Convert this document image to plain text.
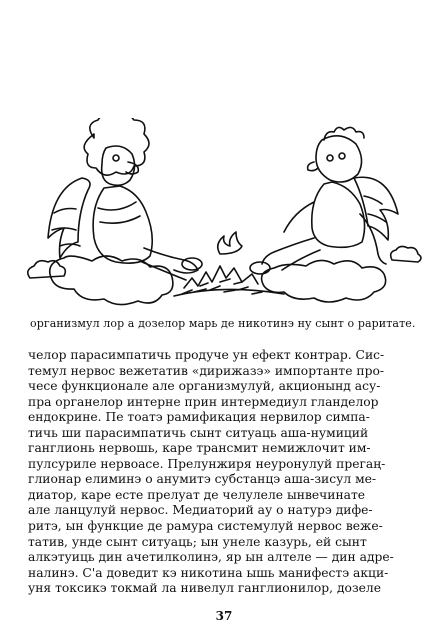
организмул лор а дозелор марь де никотинэ ну сынт о раритате.
челор парасимпатичь продуче ун ефект контрар. Сис-
темул нервос вежетатив «дирижазэ» импортанте про-
чесе функционале але организмулуй, акционынд асу-
пра органелор интерне прин интермедиул гланделор
ендокрине. Пе тоатэ рамификация нервилор симпа-
тичь ши парасимпатичь сынт ситуаць аша-нумиций
ганглионь нервошь, каре трансмит немижлочит им-
пулсуриле нервоасе. Прелунжиря неуронулуй прегаң-
глионар елиминэ о анумитэ субстанцэ аша-зисул ме-
диатор, каре есте прелуат де челулеле ынвечинате
але ланцулуй нервос. Медиаторий ау о натурэ дифе-
ритэ, ын функцие де рамура системулуй нервос веже-
татив, унде сынт ситуаць; ын унеле казурь, ей сынт
алкэтуиць дин ачетилколинэ, яр ын алтеле — дин адре-
налинэ. С'а доведит кэ никотина ышь манифестэ акци-
уня токсикэ токмай ла нивелул ганглионилор, дозеле
37
